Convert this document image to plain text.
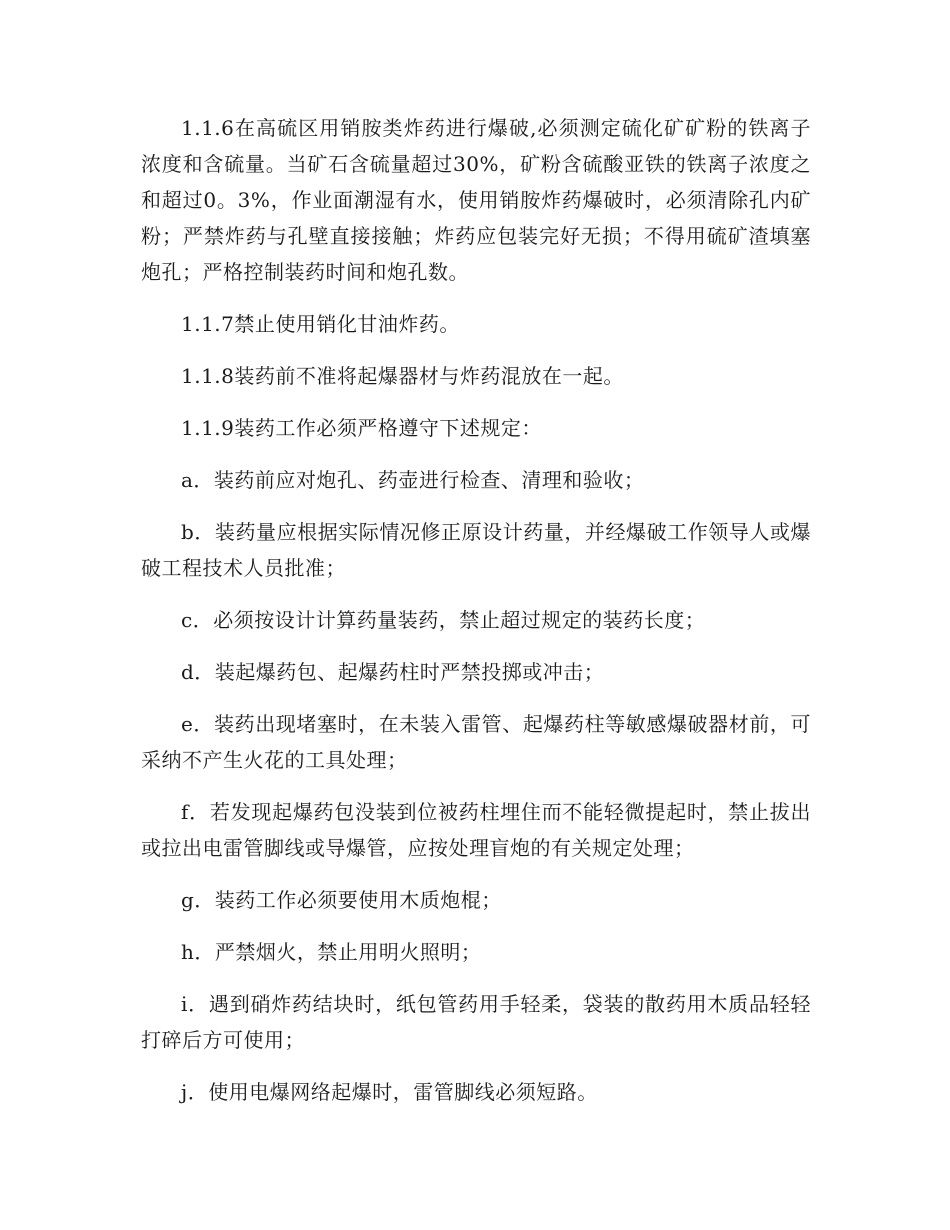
1.1.6在高硫区用销胺类炸药进行爆破,必须测定硫化矿矿粉的铁离子浓度和含硫量。当矿石含硫量超过30%，矿粉含硫酸亚铁的铁离子浓度之和超过0。3%，作业面潮湿有水，使用销胺炸药爆破时，必须清除孔内矿粉；严禁炸药与孔壁直接接触；炸药应包装完好无损；不得用硫矿渣填塞炮孔；严格控制装药时间和炮孔数。

1.1.7禁止使用销化甘油炸药。

1.1.8装药前不准将起爆器材与炸药混放在一起。

1.1.9装药工作必须严格遵守下述规定：

a．装药前应对炮孔、药壶进行检查、清理和验收；

b．装药量应根据实际情况修正原设计药量，并经爆破工作领导人或爆破工程技术人员批准；

c．必须按设计计算药量装药，禁止超过规定的装药长度；

d．装起爆药包、起爆药柱时严禁投掷或冲击；

e．装药出现堵塞时，在未装入雷管、起爆药柱等敏感爆破器材前，可采纳不产生火花的工具处理；

f．若发现起爆药包没装到位被药柱埋住而不能轻微提起时，禁止拔出或拉出电雷管脚线或导爆管，应按处理盲炮的有关规定处理；

g．装药工作必须要使用木质炮棍；

h．严禁烟火，禁止用明火照明；

i．遇到硝炸药结块时，纸包管药用手轻柔，袋装的散药用木质品轻轻打碎后方可使用；

j．使用电爆网络起爆时，雷管脚线必须短路。
